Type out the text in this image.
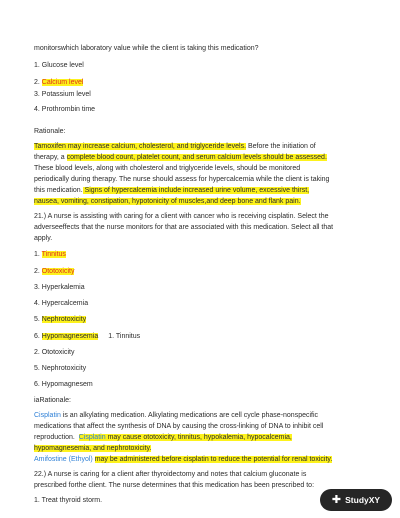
monitorswhich laboratory value while the client is taking this medication?
1. Glucose level
2. Calcium level
3. Potassium level
4. Prothrombin time
Rationale:
Tamoxifen may increase calcium, cholesterol, and triglyceride levels. Before the initiation of
therapy, a complete blood count, platelet count, and serum calcium levels should be assessed.
These blood levels, along with cholesterol and triglyceride levels, should be monitored
periodically during therapy. The nurse should assess for hypercalcemia while the client is taking
this medication. Signs of hypercalcemia include increased urine volume, excessive thirst,
nausea, vomiting, constipation, hypotonicity of muscles,and deep bone and flank pain.
21.) A nurse is assisting with caring for a client with cancer who is receiving cisplatin. Select the
adverseeffects that the nurse monitors for that are associated with this medication. Select all that
apply.
1. Tinnitus
2. Ototoxicity
3. Hyperkalemia
4. Hypercalcemia
5. Nephrotoxicity
6. Hypomagnesemia 1. Tinnitus
2. Ototoxicity
5. Nephrotoxicity
6. Hypomagnesem
iaRationale:
Cisplatin is an alkylating medication. Alkylating medications are cell cycle phase-nonspecific
medications that affect the synthesis of DNA by causing the cross-linking of DNA to inhibit cell
reproduction. Cisplatin may cause ototoxicity, tinnitus, hypokalemia, hypocalcemia,
hypomagnesemia, and nephrotoxicity.
Amifostine (Ethyol) may be administered before cisplatin to reduce the potential for renal toxicity.
22.) A nurse is caring for a client after thyroidectomy and notes that calcium gluconate is
prescribed forthe client. The nurse determines that this medication has been prescribed to:
1. Treat thyroid storm.	✚ StudyXY
